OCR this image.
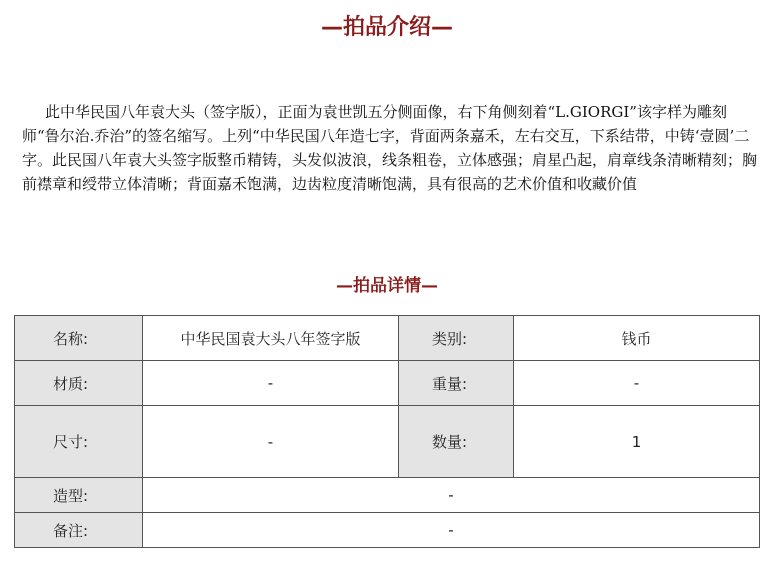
—拍品介绍—

此中华民国八年袁大头（签字版），正面为袁世凯五分侧面像，右下角侧刻着“L.GIORGI”该字样为雕刻师“鲁尔治.乔治”的签名缩写。上列“中华民国八年造七字，背面两条嘉禾，左右交互，下系结带，中铸‘壹圆’二字。此民国八年袁大头签字版整币精铸，头发似波浪，线条粗卷，立体感强；肩星凸起，肩章线条清晰精刻；胸前襟章和绶带立体清晰；背面嘉禾饱满，边齿粒度清晰饱满，具有很高的艺术价值和收藏价值

—拍品详情—
名称:	中华民国袁大头八年签字版	类别:	钱币
材质:	-	重量:	-
尺寸:	-	数量:	1
造型:	-		
备注:	-		
